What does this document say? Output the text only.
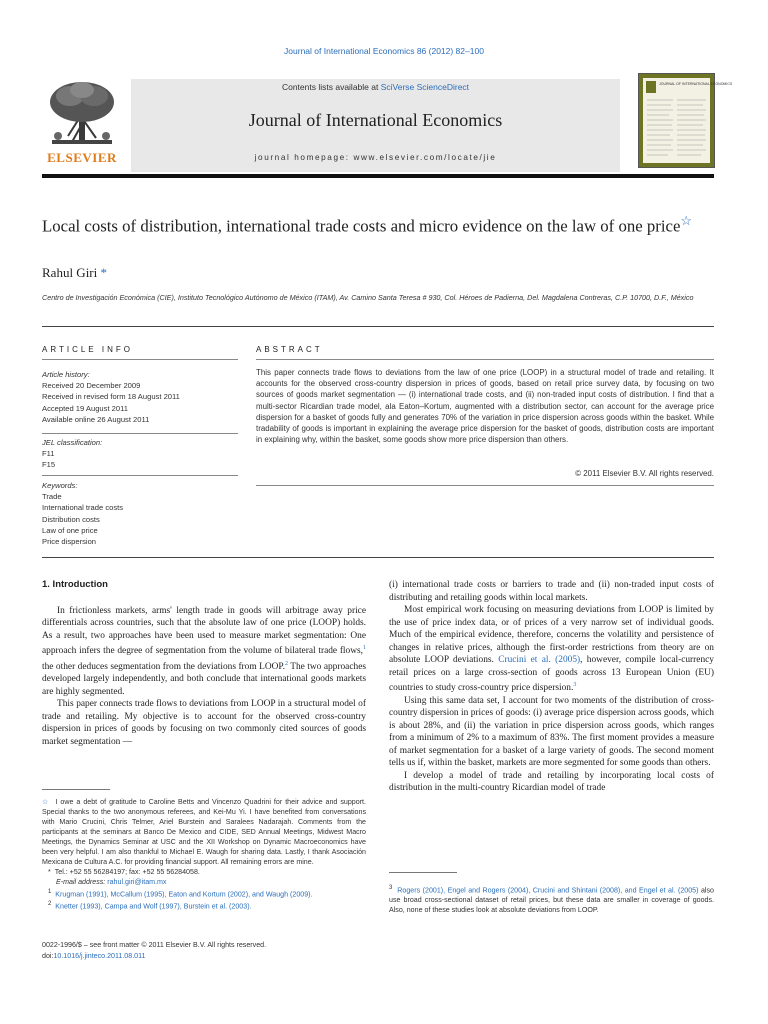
Journal of International Economics 86 (2012) 82–100
ELSEVIER
Contents lists available at SciVerse ScienceDirect
Journal of International Economics
journal homepage: www.elsevier.com/locate/jie
JOURNAL OF INTERNATIONAL ECONOMICS
Local costs of distribution, international trade costs and micro evidence on the law of one price☆
Rahul Giri *
Centro de Investigación Económica (CIE), Instituto Tecnológico Autónomo de México (ITAM), Av. Camino Santa Teresa # 930, Col. Héroes de Padierna, Del. Magdalena Contreras, C.P. 10700, D.F., México
ARTICLE INFO	ABSTRACT
Article history:
Received 20 December 2009
Received in revised form 18 August 2011
Accepted 19 August 2011
Available online 26 August 2011
JEL classification:
F11
F15
Keywords:
Trade
International trade costs
Distribution costs
Law of one price
Price dispersion
This paper connects trade flows to deviations from the law of one price (LOOP) in a structural model of trade and retailing. It accounts for the observed cross-country dispersion in prices of goods, based on retail price survey data, by focusing on two sources of goods market segmentation — (i) international trade costs, and (ii) non-traded input costs of distribution. I find that a multi-sector Ricardian trade model, ala Eaton–Kortum, augmented with a distribution sector, can account for the average price dispersion for a basket of goods fully and generates 70% of the variation in price dispersion across goods within the basket. While tradability of goods is important in explaining the average price dispersion for the basket of goods, distribution costs are important in explaining why, within the basket, some goods show more price dispersion than others.
© 2011 Elsevier B.V. All rights reserved.
1. Introduction

In frictionless markets, arms' length trade in goods will arbitrage away price differentials across countries, such that the absolute law of one price (LOOP) holds. As a result, two approaches have been used to measure market segmentation: One approach infers the degree of segmentation from the volume of bilateral trade flows,$^1$ the other deduces segmentation from the deviations from LOOP.$^2$ The two approaches developed largely independently, and both conclude that international goods markets are highly segmented.

This paper connects trade flows to deviations from LOOP in a structural model of trade and retailing. My objective is to account for the observed cross-country dispersion in prices of goods by focusing on two commonly cited sources of goods market segmentation —

☆  I owe a debt of gratitude to Caroline Betts and Vincenzo Quadrini for their advice and support. Special thanks to the two anonymous referees, and Kei-Mu Yi. I have benefited from conversations with Mario Crucini, Chris Telmer, Ariel Burstein and Saralees Nadarajah. Comments from the participants at the seminars at Banco De Mexico and CIDE, SED Annual Meetings, Midwest Macro Meetings, the Dynamics Seminar at USC and the XII Workshop on Dynamic Macroeconomics have been very helpful. I am also thankful to Michael E. Waugh for sharing data. Lastly, I thank Asociación Mexicana de Cultura A.C. for providing financial support. All remaining errors are mine.
*  Tel.: +52 55 56284197; fax: +52 55 56284058.
E-mail address: rahul.giri@itam.mx
$^1$ Krugman (1991), McCallum (1995), Eaton and Kortum (2002), and Waugh (2009).
$^2$ Knetter (1993), Campa and Wolf (1997), Burstein et al. (2003).
0022-1996/$ – see front matter © 2011 Elsevier B.V. All rights reserved.
doi:10.1016/j.jinteco.2011.08.011

(i) international trade costs or barriers to trade and (ii) non-traded input costs of distributing and retailing goods within local markets.

Most empirical work focusing on measuring deviations from LOOP is limited by the use of price index data, or of prices of a very narrow set of individual goods. Much of the empirical evidence, therefore, concerns the volatility and persistence of changes in relative prices, although the first-order restrictions from theory are on absolute LOOP deviations. Crucini et al. (2005), however, compile local-currency retail prices on a large cross-section of goods across 13 European Union (EU) countries to study cross-country price dispersion.$^3$

Using this same data set, I account for two moments of the distribution of cross-country dispersion in prices of goods: (i) average price dispersion across goods, which is about 28%, and (ii) the variation in price dispersion across goods, which ranges from a minimum of 2% to a maximum of 83%. The first moment provides a measure of market segmentation for a basket of a large variety of goods. The second moment tells us if, within the basket, markets are more segmented for some goods than others.

I develop a model of trade and retailing by incorporating local costs of distribution in the multi-country Ricardian model of trade

$^3$ Rogers (2001), Engel and Rogers (2004), Crucini and Shintani (2008), and Engel et al. (2005) also use broad cross-sectional dataset of retail prices, but these data are smaller in coverage of goods. Also, none of these studies look at absolute deviations from LOOP.
